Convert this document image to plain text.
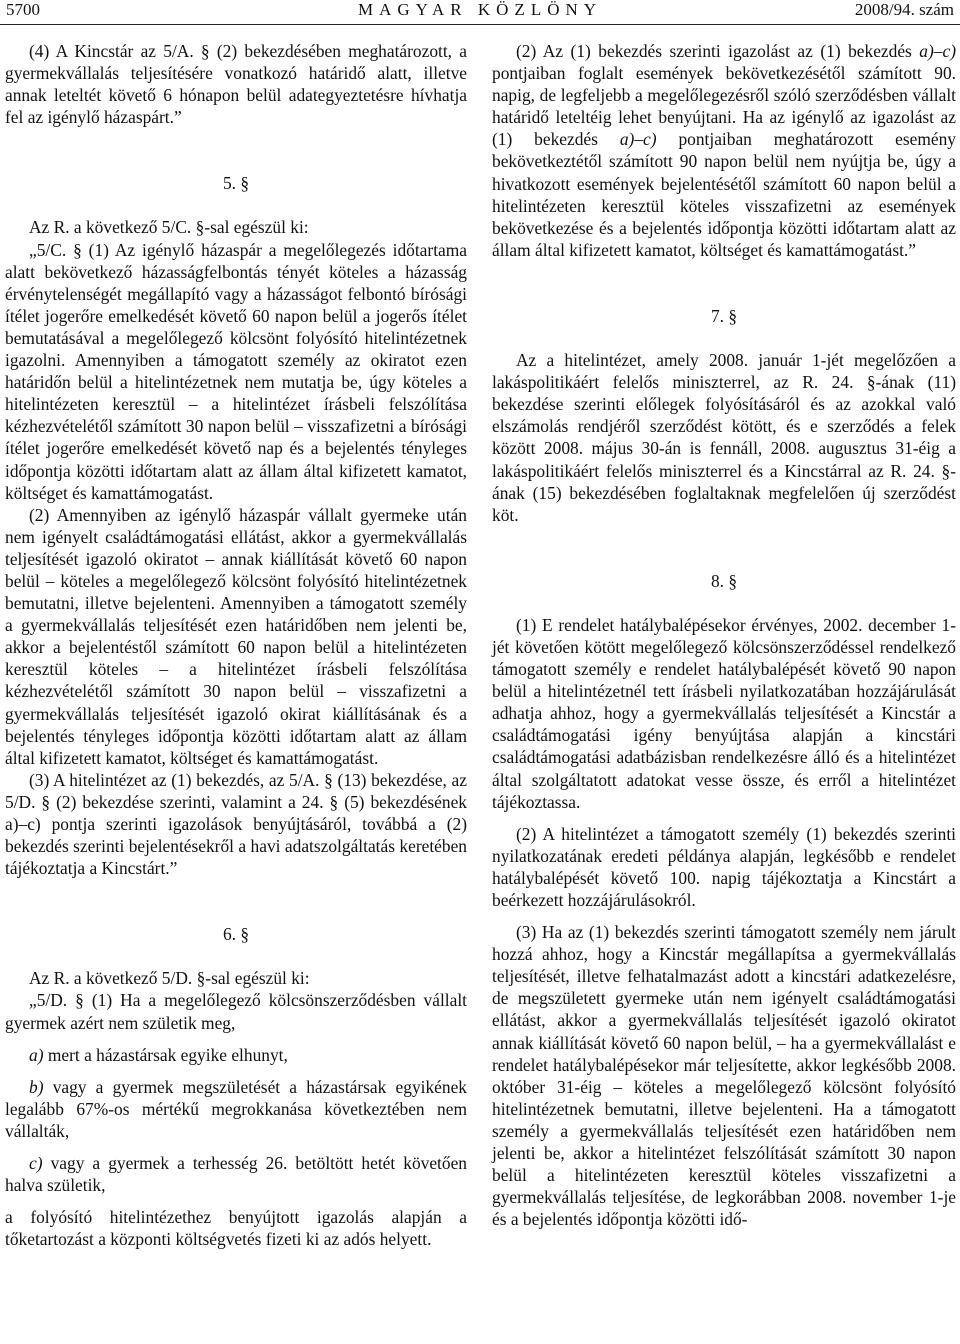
5700	MAGYAR KÖZLÖNY	2008/94. szám

(4) A Kincstár az 5/A. § (2) bekezdésében meghatározott, a gyermekvállalás teljesítésére vonatkozó határidő alatt, illetve annak leteltét követő 6 hónapon belül adategyeztetésre hívhatja fel az igénylő házaspárt.”

5. §

Az R. a következő 5/C. §-sal egészül ki:

„5/C. § (1) Az igénylő házaspár a megelőlegezés időtartama alatt bekövetkező házasságfelbontás tényét köteles a házasság érvénytelenségét megállapító vagy a házasságot felbontó bírósági ítélet jogerőre emelkedését követő 60 napon belül a jogerős ítélet bemutatásával a megelőlegező kölcsönt folyósító hitelintézetnek igazolni. Amennyiben a támogatott személy az okiratot ezen határidőn belül a hitelintézetnek nem mutatja be, úgy köteles a hitelintézeten keresztül – a hitelintézet írásbeli felszólítása kézhezvételétől számított 30 napon belül – visszafizetni a bírósági ítélet jogerőre emelkedését követő nap és a bejelentés tényleges időpontja közötti időtartam alatt az állam által kifizetett kamatot, költséget és kamattámogatást.

(2) Amennyiben az igénylő házaspár vállalt gyermeke után nem igényelt családtámogatási ellátást, akkor a gyermekvállalás teljesítését igazoló okiratot – annak kiállítását követő 60 napon belül – köteles a megelőlegező kölcsönt folyósító hitelintézetnek bemutatni, illetve bejelenteni. Amennyiben a támogatott személy a gyermekvállalás teljesítését ezen határidőben nem jelenti be, akkor a bejelentéstől számított 60 napon belül a hitelintézeten keresztül köteles – a hitelintézet írásbeli felszólítása kézhezvételétől számított 30 napon belül – visszafizetni a gyermekvállalás teljesítését igazoló okirat kiállításának és a bejelentés tényleges időpontja közötti időtartam alatt az állam által kifizetett kamatot, költséget és kamattámogatást.

(3) A hitelintézet az (1) bekezdés, az 5/A. § (13) bekezdése, az 5/D. § (2) bekezdése szerinti, valamint a 24. § (5) bekezdésének a)–c) pontja szerinti igazolások benyújtásáról, továbbá a (2) bekezdés szerinti bejelentésekről a havi adatszolgáltatás keretében tájékoztatja a Kincstárt.”

6. §

Az R. a következő 5/D. §-sal egészül ki:

„5/D. § (1) Ha a megelőlegező kölcsönszerződésben vállalt gyermek azért nem születik meg,

a) mert a házastársak egyike elhunyt,

b) vagy a gyermek megszületését a házastársak egyikének legalább 67%-os mértékű megrokkanása következtében nem vállalták,

c) vagy a gyermek a terhesség 26. betöltött hetét követően halva születik,

a folyósító hitelintézethez benyújtott igazolás alapján a tőketartozást a központi költségvetés fizeti ki az adós helyett.

(2) Az (1) bekezdés szerinti igazolást az (1) bekezdés a)–c) pontjaiban foglalt események bekövetkezésétől számított 90. napig, de legfeljebb a megelőlegezésről szóló szerződésben vállalt határidő leteltéig lehet benyújtani. Ha az igénylő az igazolást az (1) bekezdés a)–c) pontjaiban meghatározott esemény bekövetkeztétől számított 90 napon belül nem nyújtja be, úgy a hivatkozott események bejelentésétől számított 60 napon belül a hitelintézeten keresztül köteles visszafizetni az események bekövetkezése és a bejelentés időpontja közötti időtartam alatt az állam által kifizetett kamatot, költséget és kamattámogatást.”

7. §

Az a hitelintézet, amely 2008. január 1-jét megelőzően a lakáspolitikáért felelős miniszterrel, az R. 24. §-ának (11) bekezdése szerinti előlegek folyósításáról és az azokkal való elszámolás rendjéről szerződést kötött, és e szerződés a felek között 2008. május 30-án is fennáll, 2008. augusztus 31-éig a lakáspolitikáért felelős miniszterrel és a Kincstárral az R. 24. §-ának (15) bekezdésében foglaltaknak megfelelően új szerződést köt.

8. §

(1) E rendelet hatálybalépésekor érvényes, 2002. december 1-jét követően kötött megelőlegező kölcsönszerződéssel rendelkező támogatott személy e rendelet hatálybalépését követő 90 napon belül a hitelintézetnél tett írásbeli nyilatkozatában hozzájárulását adhatja ahhoz, hogy a gyermekvállalás teljesítését a Kincstár a családtámogatási igény benyújtása alapján a kincstári családtámogatási adatbázisban rendelkezésre álló és a hitelintézet által szolgáltatott adatokat vesse össze, és erről a hitelintézet tájékoztassa.

(2) A hitelintézet a támogatott személy (1) bekezdés szerinti nyilatkozatának eredeti példánya alapján, legkésőbb e rendelet hatálybalépését követő 100. napig tájékoztatja a Kincstárt a beérkezett hozzájárulásokról.

(3) Ha az (1) bekezdés szerinti támogatott személy nem járult hozzá ahhoz, hogy a Kincstár megállapítsa a gyermekvállalás teljesítését, illetve felhatalmazást adott a kincstári adatkezelésre, de megszületett gyermeke után nem igényelt családtámogatási ellátást, akkor a gyermekvállalás teljesítését igazoló okiratot annak kiállítását követő 60 napon belül, – ha a gyermekvállalást e rendelet hatálybalépésekor már teljesítette, akkor legkésőbb 2008. október 31-éig – köteles a megelőlegező kölcsönt folyósító hitelintézetnek bemutatni, illetve bejelenteni. Ha a támogatott személy a gyermekvállalás teljesítését ezen határidőben nem jelenti be, akkor a hitelintézet felszólítását számított 30 napon belül a hitelintézeten keresztül köteles visszafizetni a gyermekvállalás teljesítése, de legkorábban 2008. november 1-je és a bejelentés időpontja közötti idő-
